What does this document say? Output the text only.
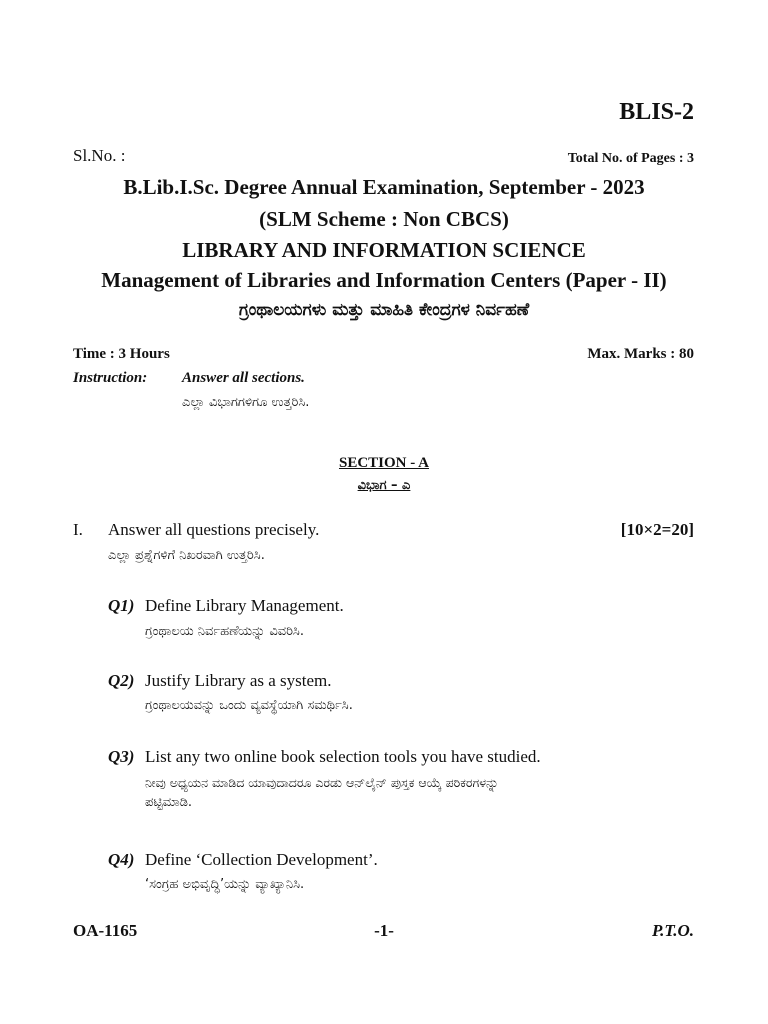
BLIS-2
Sl.No. :	Total No. of Pages : 3
B.Lib.I.Sc. Degree Annual Examination, September - 2023
(SLM Scheme : Non CBCS)
LIBRARY AND INFORMATION SCIENCE
Management of Libraries and Information Centers (Paper - II)
ಗ್ರಂಥಾಲಯಗಳು ಮತ್ತು ಮಾಹಿತಿ ಕೇಂದ್ರಗಳ ನಿರ್ವಹಣೆ
Time : 3 Hours	Max. Marks : 80
Instruction: Answer all sections.
ಎಲ್ಲಾ ವಿಭಾಗಗಳಿಗೂ ಉತ್ತರಿಸಿ.
SECTION - A
ವಿಭಾಗ – ಎ
I. Answer all questions precisely.	[10×2=20]
ಎಲ್ಲಾ ಪ್ರಶ್ನೆಗಳಿಗೆ ನಿಖರವಾಗಿ ಉತ್ತರಿಸಿ.
Q1) Define Library Management.
ಗ್ರಂಥಾಲಯ ನಿರ್ವಹಣೆಯನ್ನು ವಿವರಿಸಿ.
Q2) Justify Library as a system.
ಗ್ರಂಥಾಲಯವನ್ನು ಒಂದು ವ್ಯವಸ್ಥೆಯಾಗಿ ಸಮರ್ಥಿಸಿ.
Q3) List any two online book selection tools you have studied.
ನೀವು ಅಧ್ಯಯನ ಮಾಡಿದ ಯಾವುದಾದರೂ ಎರಡು ಆನ್‌ಲೈನ್ ಪುಸ್ತಕ ಆಯ್ಕೆ ಪರಿಕರಗಳನ್ನು
ಪಟ್ಟಿಮಾಡಿ.
Q4) Define ‘Collection Development’.
‘ಸಂಗ್ರಹ ಅಭಿವೃದ್ಧಿ’ಯನ್ನು ವ್ಯಾಖ್ಯಾನಿಸಿ.
OA-1165	-1-	P.T.O.
